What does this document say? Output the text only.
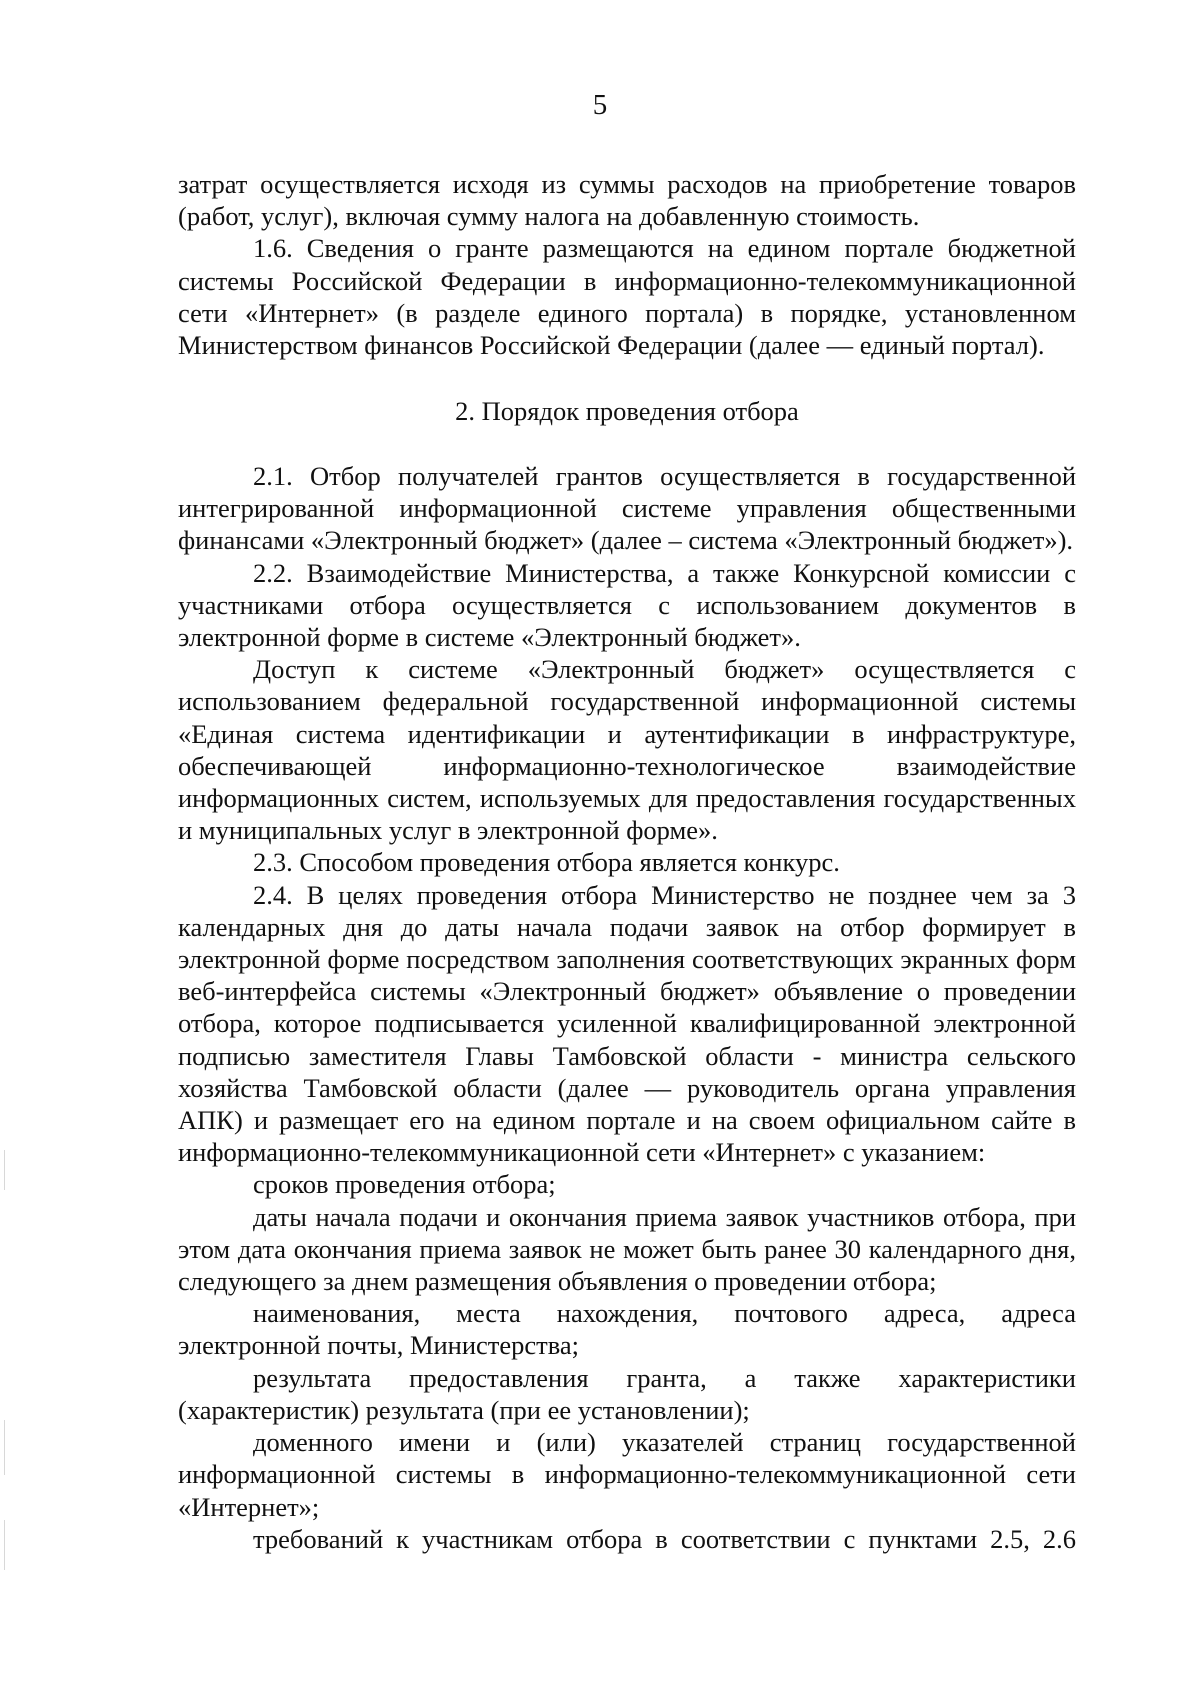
5

затрат осуществляется исходя из суммы расходов на приобретение товаров (работ, услуг), включая сумму налога на добавленную стоимость.

1.6. Сведения о гранте размещаются на едином портале бюджетной системы Российской Федерации в информационно-телекоммуникационной сети «Интернет» (в разделе единого портала) в порядке, установленном Министерством финансов Российской Федерации (далее — единый портал).

2. Порядок проведения отбора

2.1. Отбор получателей грантов осуществляется в государственной интегрированной информационной системе управления общественными финансами «Электронный бюджет» (далее – система «Электронный бюджет»).

2.2. Взаимодействие Министерства, а также Конкурсной комиссии с участниками отбора осуществляется с использованием документов в электронной форме в системе «Электронный бюджет».

Доступ к системе «Электронный бюджет» осуществляется с использованием федеральной государственной информационной системы «Единая система идентификации и аутентификации в инфраструктуре, обеспечивающей информационно-технологическое взаимодействие информационных систем, используемых для предоставления государственных и муниципальных услуг в электронной форме».

2.3. Способом проведения отбора является конкурс.

2.4. В целях проведения отбора Министерство не позднее чем за 3 календарных дня до даты начала подачи заявок на отбор формирует в электронной форме посредством заполнения соответствующих экранных форм веб-интерфейса системы «Электронный бюджет» объявление о проведении отбора, которое подписывается усиленной квалифицированной электронной подписью заместителя Главы Тамбовской области - министра сельского хозяйства Тамбовской области (далее — руководитель органа управления АПК) и размещает его на едином портале и на своем официальном сайте в информационно-телекоммуникационной сети «Интернет» с указанием:

сроков проведения отбора;

даты начала подачи и окончания приема заявок участников отбора, при этом дата окончания приема заявок не может быть ранее 30 календарного дня, следующего за днем размещения объявления о проведении отбора;

наименования, места нахождения, почтового адреса, адреса электронной почты, Министерства;

результата предоставления гранта, а также характеристики (характеристик) результата (при ее установлении);

доменного имени и (или) указателей страниц государственной информационной системы в информационно-телекоммуникационной сети «Интернет»;

требований к участникам отбора в соответствии с пунктами 2.5, 2.6
